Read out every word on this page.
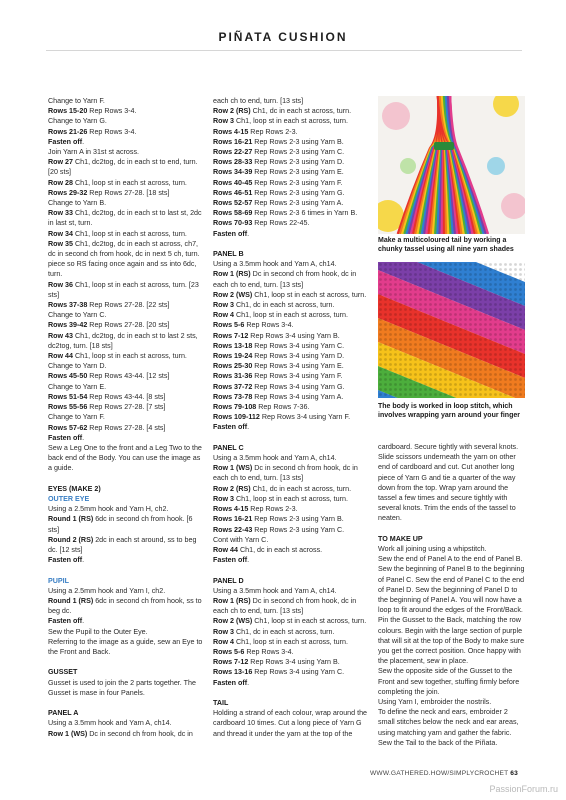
PIÑATA CUSHION

Change to Yarn F.

Rows 15-20 Rep Rows 3-4.

Change to Yarn G.

Rows 21-26 Rep Rows 3-4.

Fasten off.

Join Yarn A in 31st st across.

Row 27 Ch1, dc2tog, dc in each st to end, turn. [20 sts]

Row 28 Ch1, loop st in each st across, turn.

Rows 29-32 Rep Rows 27-28. [18 sts]

Change to Yarn B.

Row 33 Ch1, dc2tog, dc in each st to last st, 2dc in last st, turn.

Row 34 Ch1, loop st in each st across, turn.

Row 35 Ch1, dc2tog, dc in each st across, ch7, dc in second ch from hook, dc in next 5 ch, turn. piece so RS facing once again and ss into 6dc, turn.

Row 36 Ch1, loop st in each st across, turn. [23 sts]

Rows 37-38 Rep Rows 27-28. [22 sts]

Change to Yarn C.

Rows 39-42 Rep Rows 27-28. [20 sts]

Row 43 Ch1, dc2tog, dc in each st to last 2 sts, dc2tog, turn. [18 sts]

Row 44 Ch1, loop st in each st across, turn.

Change to Yarn D.

Rows 45-50 Rep Rows 43-44. [12 sts]

Change to Yarn E.

Rows 51-54 Rep Rows 43-44. [8 sts]

Rows 55-56 Rep Rows 27-28. [7 sts]

Change to Yarn F.

Rows 57-62 Rep Rows 27-28. [4 sts]

Fasten off.

Sew a Leg One to the front and a Leg Two to the back end of the Body. You can use the image as a guide.

EYES (MAKE 2)

OUTER EYE

Using a 2.5mm hook and Yarn H, ch2.

Round 1 (RS) 6dc in second ch from hook. [6 sts]

Round 2 (RS) 2dc in each st around, ss to beg dc. [12 sts]

Fasten off.

PUPIL

Using a 2.5mm hook and Yarn I, ch2.

Round 1 (RS) 6dc in second ch from hook, ss to beg dc.

Fasten off.

Sew the Pupil to the Outer Eye.

Referring to the image as a guide, sew an Eye to the Front and Back.

GUSSET

Gusset is used to join the 2 parts together. The Gusset is mase in four Panels.

PANEL A

Using a 3.5mm hook and Yarn A, ch14.

Row 1 (WS) Dc in second ch from hook, dc in

each ch to end, turn. [13 sts]

Row 2 (RS) Ch1, dc in each st across, turn.

Row 3 Ch1, loop st in each st across, turn.

Rows 4-15 Rep Rows 2-3.

Rows 16-21 Rep Rows 2-3 using Yarn B.

Rows 22-27 Rep Rows 2-3 using Yarn C.

Rows 28-33 Rep Rows 2-3 using Yarn D.

Rows 34-39 Rep Rows 2-3 using Yarn E.

Rows 40-45 Rep Rows 2-3 using Yarn F.

Rows 46-51 Rep Rows 2-3 using Yarn G.

Rows 52-57 Rep Rows 2-3 using Yarn A.

Rows 58-69 Rep Rows 2-3 6 times in Yarn B.

Rows 70-93 Rep Rows 22-45.

Fasten off.

PANEL B

Using a 3.5mm hook and Yarn A, ch14.

Row 1 (RS) Dc in second ch from hook, dc in each ch to end, turn. [13 sts]

Row 2 (WS) Ch1, loop st in each st across, turn.

Row 3 Ch1, dc in each st across, turn.

Row 4 Ch1, loop st in each st across, turn.

Rows 5-6 Rep Rows 3-4.

Rows 7-12 Rep Rows 3-4 using Yarn B.

Rows 13-18 Rep Rows 3-4 using Yarn C.

Rows 19-24 Rep Rows 3-4 using Yarn D.

Rows 25-30 Rep Rows 3-4 using Yarn E.

Rows 31-36 Rep Rows 3-4 using Yarn F.

Rows 37-72 Rep Rows 3-4 using Yarn G.

Rows 73-78 Rep Rows 3-4 using Yarn A.

Rows 79-108 Rep Rows 7-36.

Rows 109-112 Rep Rows 3-4 using Yarn F.

Fasten off.

PANEL C

Using a 3.5mm hook and Yarn A, ch14.

Row 1 (WS) Dc in second ch from hook, dc in each ch to end, turn. [13 sts]

Row 2 (RS) Ch1, dc in each st across, turn.

Row 3 Ch1, loop st in each st across, turn.

Rows 4-15 Rep Rows 2-3.

Rows 16-21 Rep Rows 2-3 using Yarn B.

Rows 22-43 Rep Rows 2-3 using Yarn C.

Cont with Yarn C.

Row 44 Ch1, dc in each st across.

Fasten off.

PANEL D

Using a 3.5mm hook and Yarn A, ch14.

Row 1 (RS) Dc in second ch from hook, dc in each ch to end, turn. [13 sts]

Row 2 (WS) Ch1, loop st in each st across, turn.

Row 3 Ch1, dc in each st across, turn.

Row 4 Ch1, loop st in each st across, turn.

Rows 5-6 Rep Rows 3-4.

Rows 7-12 Rep Rows 3-4 using Yarn B.

Rows 13-16 Rep Rows 3-4 using Yarn C.

Fasten off.

TAIL

Holding a strand of each colour, wrap around the cardboard 10 times. Cut a long piece of Yarn G and thread it under the yarn at the top of the

Make a multicoloured tail by working a chunky tassel using all nine yarn shades
The body is worked in loop stitch, which involves wrapping yarn around your finger

cardboard. Secure tightly with several knots. Slide scissors underneath the yarn on other end of cardboard and cut. Cut another long piece of Yarn G and tie a quarter of the way down from the top. Wrap yarn around the tassel a few times and secure tightly with several knots. Trim the ends of the tassel to neaten.

TO MAKE UP

Work all joining using a whipstitch.

Sew the end of Panel A to the end of Panel B. Sew the beginning of Panel B to the beginning of Panel C. Sew the end of Panel C to the end of Panel D. Sew the beginning of Panel D to the beginning of Panel A. You will now have a loop to fit around the edges of the Front/Back.

Pin the Gusset to the Back, matching the row colours. Begin with the large section of purple that will sit at the top of the Body to make sure you get the correct position. Once happy with the placement, sew in place.

Sew the opposite side of the Gusset to the Front and sew together, stuffing firmly before completing the join.

Using Yarn I, embroider the nostrils.

To define the neck and ears, embroider 2 small stitches below the neck and ear areas, using matching yarn and gather the fabric.

Sew the Tail to the back of the Piñata.

WWW.GATHERED.HOW/SIMPLYCROCHET 63
PassionForum.ru
